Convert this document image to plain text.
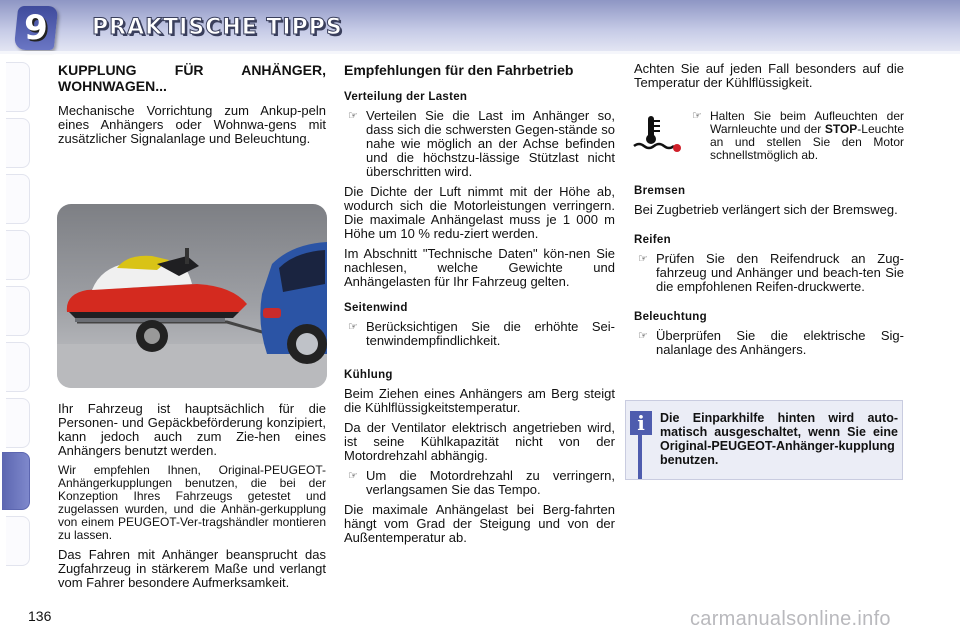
9	PRAKTISCHE TIPPS
KUPPLUNG FÜR ANHÄNGER, WOHNWAGEN...

Mechanische Vorrichtung zum Ankup-peln eines Anhängers oder Wohnwa-gens mit zusätzlicher Signalanlage und Beleuchtung.

Ihr Fahrzeug ist hauptsächlich für die Personen- und Gepäckbeförderung konzipiert, kann jedoch auch zum Zie-hen eines Anhängers benutzt werden.

Wir empfehlen Ihnen, Original-PEUGEOT-Anhängerkupplungen benutzen, die bei der Konzeption Ihres Fahrzeugs getestet und zugelassen wurden, und die Anhän-gerkupplung von einem PEUGEOT-Ver-tragshändler montieren zu lassen.

Das Fahren mit Anhänger beansprucht das Zugfahrzeug in stärkerem Maße und verlangt vom Fahrer besondere Aufmerksamkeit.

Empfehlungen für den Fahrbetrieb
Verteilung der Lasten
☞ Verteilen Sie die Last im Anhänger so, dass sich die schwersten Gegen-stände so nahe wie möglich an der Achse befinden und die höchstzu-lässige Stützlast nicht überschritten wird.

Die Dichte der Luft nimmt mit der Höhe ab, wodurch sich die Motorleistungen verringern. Die maximale Anhängelast muss je 1 000 m Höhe um 10 % redu-ziert werden.

Im Abschnitt "Technische Daten" kön-nen Sie nachlesen, welche Gewichte und Anhängelasten für Ihr Fahrzeug gelten.

Seitenwind
☞ Berücksichtigen Sie die erhöhte Sei-tenwindempfindlichkeit.
Kühlung

Beim Ziehen eines Anhängers am Berg steigt die Kühlflüssigkeitstemperatur.

Da der Ventilator elektrisch angetrieben wird, ist seine Kühlkapazität nicht von der Motordrehzahl abhängig.

☞ Um die Motordrehzahl zu verringern, verlangsamen Sie das Tempo.

Die maximale Anhängelast bei Berg-fahrten hängt vom Grad der Steigung und von der Außentemperatur ab.

Achten Sie auf jeden Fall besonders auf die Temperatur der Kühlflüssigkeit.

☞ Halten Sie beim Aufleuchten der Warnleuchte und der STOP-Leuchte an und stellen Sie den Motor schnellstmöglich ab.
Bremsen

Bei Zugbetrieb verlängert sich der Bremsweg.

Reifen
☞ Prüfen Sie den Reifendruck an Zug-fahrzeug und Anhänger und beach-ten Sie die empfohlenen Reifen-druckwerte.
Beleuchtung
☞ Überprüfen Sie die elektrische Sig-nalanlage des Anhängers.
i	Die Einparkhilfe hinten wird auto-matisch ausgeschaltet, wenn Sie eine Original-PEUGEOT-Anhänger-kupplung benutzen.
136	carmanualsonline.info
